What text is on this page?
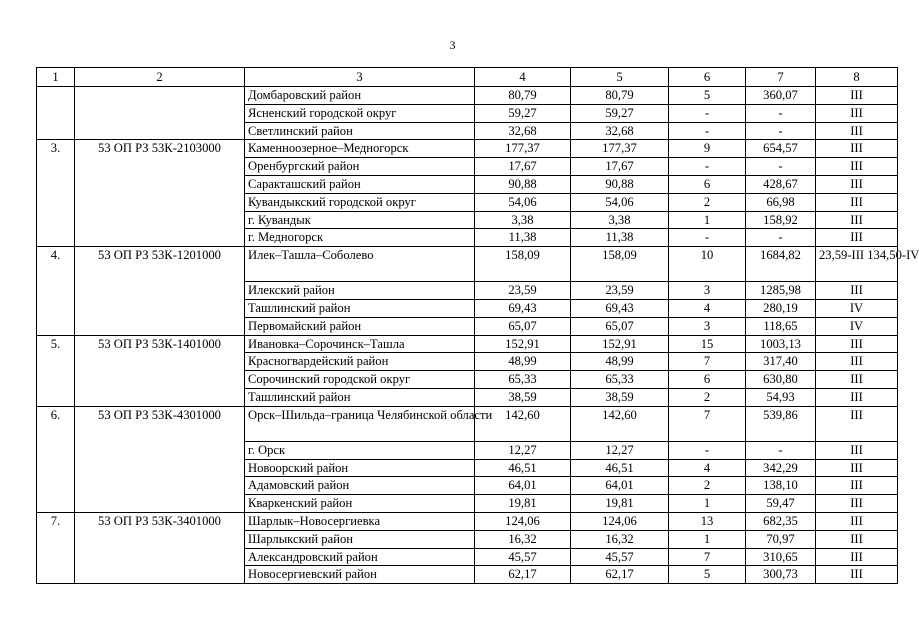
3
1	2	3	4	5	6	7	8
		Домбаровский район	80,79	80,79	5	360,07	III
		Ясненский городской округ	59,27	59,27	-	-	III
		Светлинский район	32,68	32,68	-	-	III
3.	53 ОП РЗ 53К-2103000	Каменноозерное–Медногорск	177,37	177,37	9	654,57	III
		Оренбургский район	17,67	17,67	-	-	III
		Саракташский район	90,88	90,88	6	428,67	III
		Кувандыкский городской округ	54,06	54,06	2	66,98	III
		г. Кувандык	3,38	3,38	1	158,92	III
		г. Медногорск	11,38	11,38	-	-	III
4.	53 ОП РЗ 53К-1201000	Илек–Ташла–Соболево	158,09	158,09	10	1684,82	23,59-III 134,50-IV
		Илекский район	23,59	23,59	3	1285,98	III
		Ташлинский район	69,43	69,43	4	280,19	IV
		Первомайский район	65,07	65,07	3	118,65	IV
5.	53 ОП РЗ 53К-1401000	Ивановка–Сорочинск–Ташла	152,91	152,91	15	1003,13	III
		Красногвардейский район	48,99	48,99	7	317,40	III
		Сорочинский городской округ	65,33	65,33	6	630,80	III
		Ташлинский район	38,59	38,59	2	54,93	III
6.	53 ОП РЗ 53К-4301000	Орск–Шильда–граница Челябинской области	142,60	142,60	7	539,86	III
		г. Орск	12,27	12,27	-	-	III
		Новоорский район	46,51	46,51	4	342,29	III
		Адамовский район	64,01	64,01	2	138,10	III
		Кваркенский район	19,81	19,81	1	59,47	III
7.	53 ОП РЗ 53К-3401000	Шарлык–Новосергиевка	124,06	124,06	13	682,35	III
		Шарлыкский район	16,32	16,32	1	70,97	III
		Александровский район	45,57	45,57	7	310,65	III
		Новосергиевский район	62,17	62,17	5	300,73	III
